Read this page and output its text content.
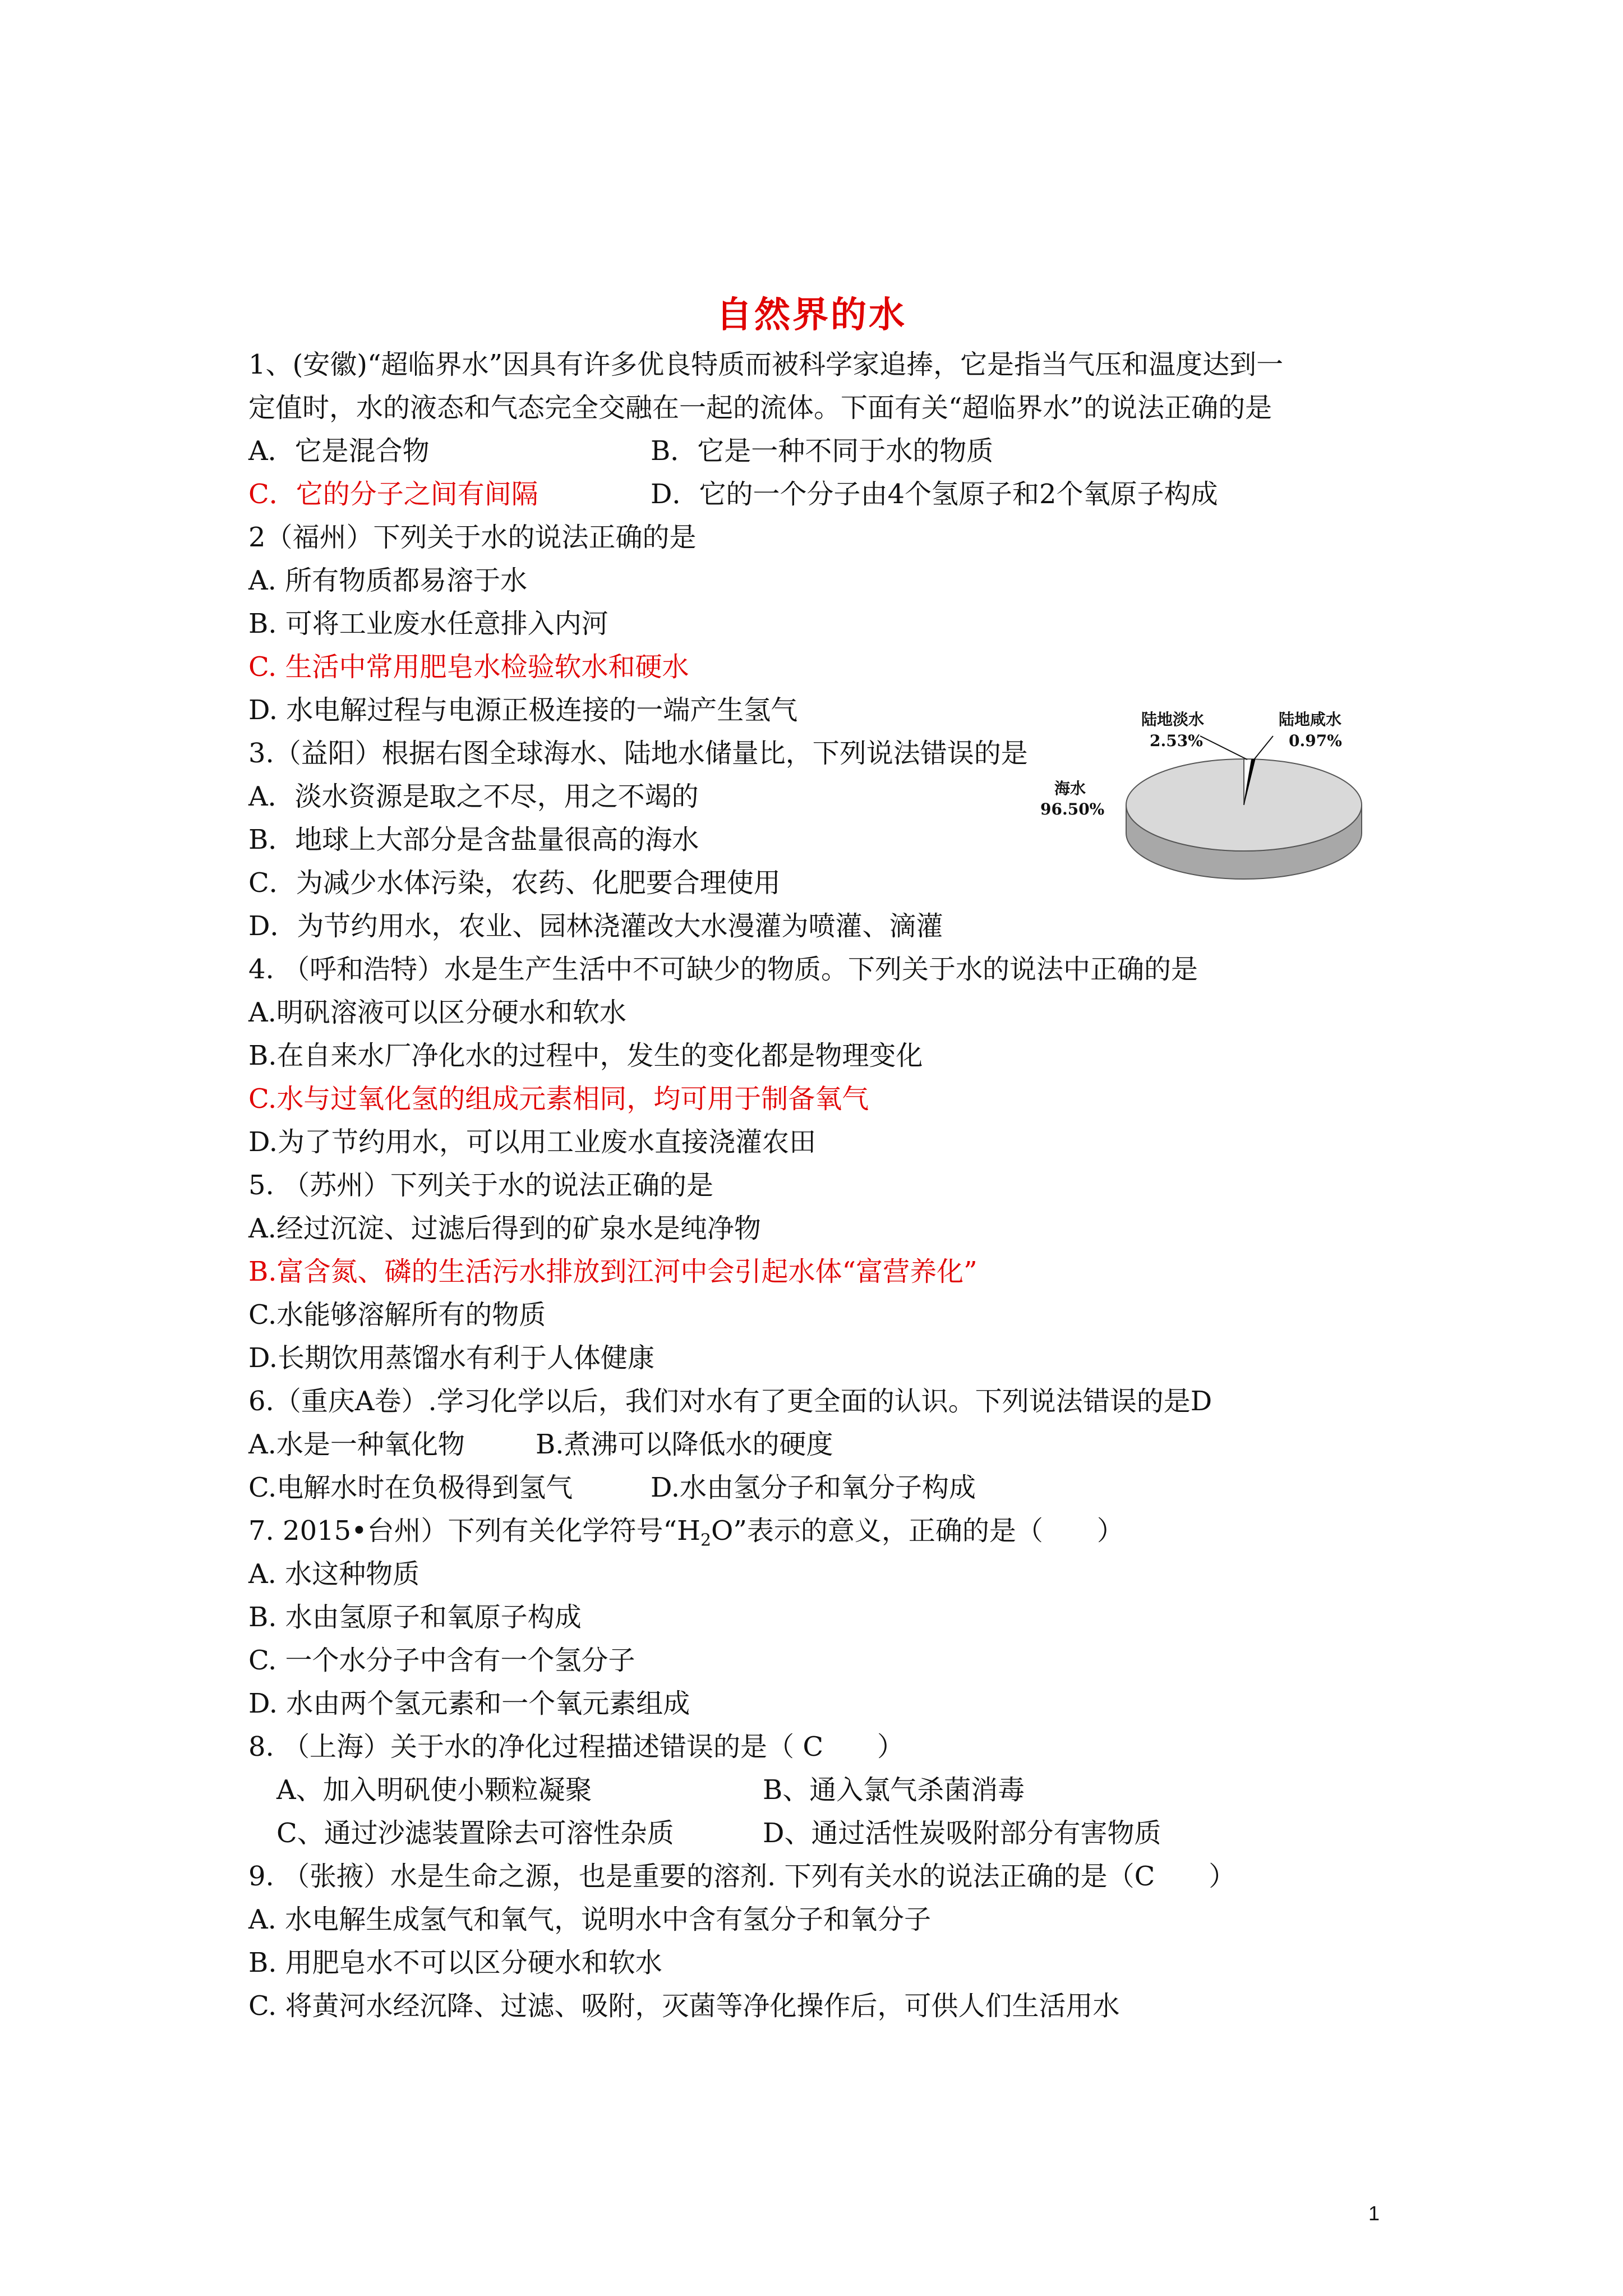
自然界的水
1、(安徽)“超临界水”因具有许多优良特质而被科学家追捧，它是指当气压和温度达到一
定值时，水的液态和气态完全交融在一起的流体。下面有关“超临界水”的说法正确的是
A．它是混合物	B．它是一种不同于水的物质
C．它的分子之间有间隔	D．它的一个分子由4个氢原子和2个氧原子构成
2（福州）下列关于水的说法正确的是
A. 所有物质都易溶于水
B. 可将工业废水任意排入内河
C. 生活中常用肥皂水检验软水和硬水
D. 水电解过程与电源正极连接的一端产生氢气
3.（益阳）根据右图全球海水、陆地水储量比，下列说法错误的是
A．淡水资源是取之不尽，用之不竭的
B．地球上大部分是含盐量很高的海水
C．为减少水体污染，农药、化肥要合理使用
D．为节约用水，农业、园林浇灌改大水漫灌为喷灌、滴灌
陆地淡水
2.53%
陆地咸水
0.97%
海水
96.50%
4. （呼和浩特）水是生产生活中不可缺少的物质。下列关于水的说法中正确的是
A.明矾溶液可以区分硬水和软水
B.在自来水厂净化水的过程中，发生的变化都是物理变化
C.水与过氧化氢的组成元素相同，均可用于制备氧气
D.为了节约用水，可以用工业废水直接浇灌农田
5. （苏州）下列关于水的说法正确的是
A.经过沉淀、过滤后得到的矿泉水是纯净物
B.富含氮、磷的生活污水排放到江河中会引起水体“富营养化”
C.水能够溶解所有的物质
D.长期饮用蒸馏水有利于人体健康
6.（重庆A卷）.学习化学以后，我们对水有了更全面的认识。下列说法错误的是D
A.水是一种氧化物	B.煮沸可以降低水的硬度
C.电解水时在负极得到氢气	D.水由氢分子和氧分子构成
7. 2015•台州）下列有关化学符号“$H_2O$”表示的意义，正确的是（　　）
A. 水这种物质
B. 水由氢原子和氧原子构成
C. 一个水分子中含有一个氢分子
D. 水由两个氢元素和一个氧元素组成
8. （上海）关于水的净化过程描述错误的是（ C　　）
A、加入明矾使小颗粒凝聚	B、通入氯气杀菌消毒
C、通过沙滤装置除去可溶性杂质	D、通过活性炭吸附部分有害物质
9. （张掖）水是生命之源，也是重要的溶剂. 下列有关水的说法正确的是（C　　）
A. 水电解生成氢气和氧气，说明水中含有氢分子和氧分子
B. 用肥皂水不可以区分硬水和软水
C. 将黄河水经沉降、过滤、吸附，灭菌等净化操作后，可供人们生活用水
1
